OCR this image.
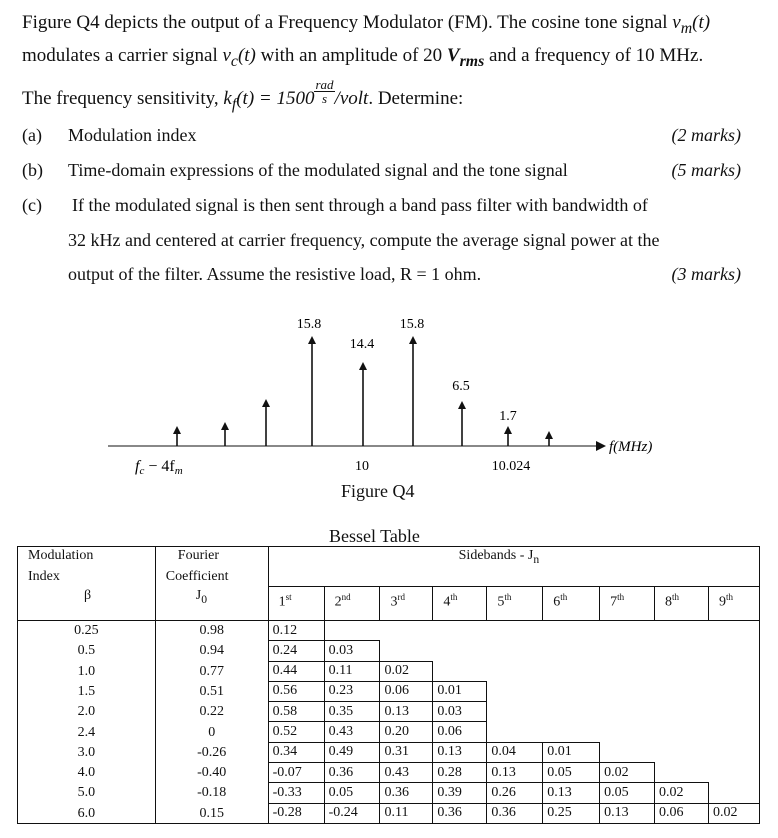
Figure Q4 depicts the output of a Frequency Modulator (FM). The cosine tone signal $v_m(t)$
modulates a carrier signal $v_c(t)$ with an amplitude of 20 $V_{rms}$ and a frequency of 10 MHz.
The frequency sensitivity, $k_f(t) = 1500 \frac{\text{rad}}{s}$ /volt. Determine:
(a) Modulation index	(2 marks)
(b) Time-domain expressions of the modulated signal and the tone signal	(5 marks)
(c) If the modulated signal is then sent through a band pass filter with bandwidth of
32 kHz and centered at carrier frequency, compute the average signal power at the
output of the filter. Assume the resistive load, R = 1 ohm.	(3 marks)
15.8
14.4
15.8
6.5
1.7
fc − 4fm	10	10.024
f(MHz)
Figure Q4
Bessel Table
Modulation	Fourier	Sidebands - $J_n$
Index	Coefficient									
β	$J_0$	1st	2nd	3rd	4th	5th	6th	7th	8th	9th
0.25	0.98	0.12								
0.5	0.94	0.24	0.03							
1.0	0.77	0.44	0.11	0.02						
1.5	0.51	0.56	0.23	0.06	0.01					
2.0	0.22	0.58	0.35	0.13	0.03					
2.4	0	0.52	0.43	0.20	0.06					
3.0	-0.26	0.34	0.49	0.31	0.13	0.04	0.01			
4.0	-0.40	-0.07	0.36	0.43	0.28	0.13	0.05	0.02		
5.0	-0.18	-0.33	0.05	0.36	0.39	0.26	0.13	0.05	0.02	
6.0	0.15	-0.28	-0.24	0.11	0.36	0.36	0.25	0.13	0.06	0.02
